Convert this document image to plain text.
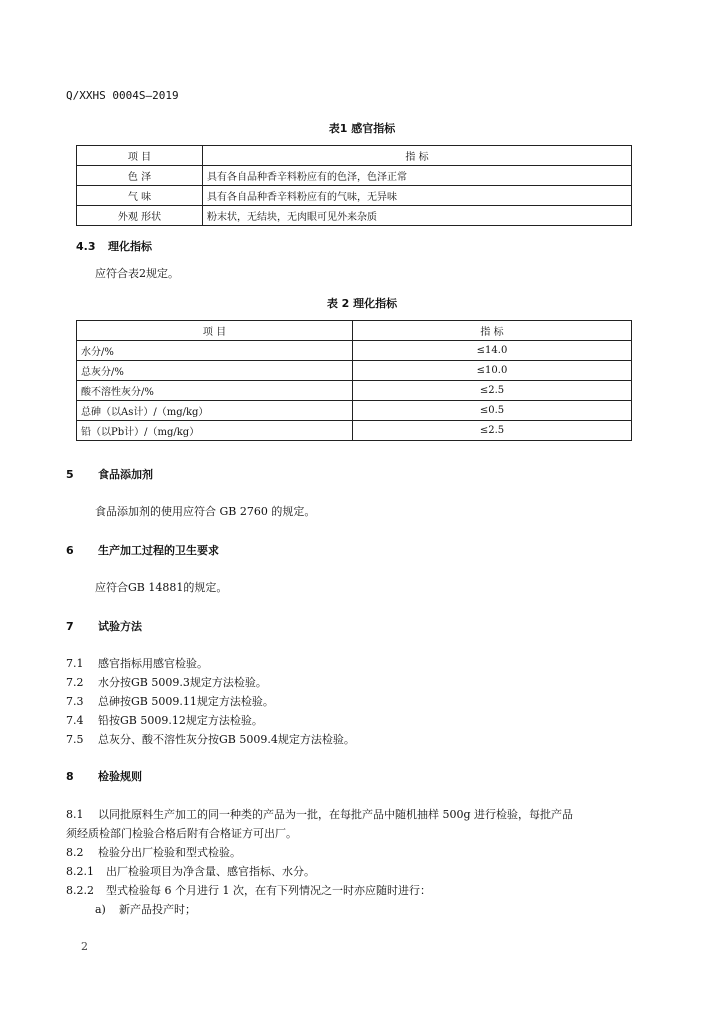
Q/XXHS 0004S—2019
表1 感官指标
项 目	指 标
色 泽	具有各自品种香辛料粉应有的色泽，色泽正常
气 味	具有各自品种香辛料粉应有的气味，无异味
外观 形状	粉末状，无结块，无肉眼可见外来杂质
4.3 理化指标
应符合表2规定。
表 2 理化指标
项 目	指 标
水分/%	≤14.0
总灰分/%	≤10.0
酸不溶性灰分/%	≤2.5
总砷（以As计）/（mg/kg）	≤0.5
铅（以Pb计）/（mg/kg）	≤2.5
5 食品添加剂
食品添加剂的使用应符合 GB 2760 的规定。
6 生产加工过程的卫生要求
应符合GB 14881的规定。
7 试验方法
7.1 感官指标用感官检验。
7.2 水分按GB 5009.3规定方法检验。
7.3 总砷按GB 5009.11规定方法检验。
7.4 铅按GB 5009.12规定方法检验。
7.5 总灰分、酸不溶性灰分按GB 5009.4规定方法检验。
8 检验规则
8.1 以同批原料生产加工的同一种类的产品为一批，在每批产品中随机抽样 500g 进行检验，每批产品
须经质检部门检验合格后附有合格证方可出厂。
8.2 检验分出厂检验和型式检验。
8.2.1 出厂检验项目为净含量、感官指标、水分。
8.2.2 型式检验每 6 个月进行 1 次，在有下列情况之一时亦应随时进行：
a) 新产品投产时；
2
